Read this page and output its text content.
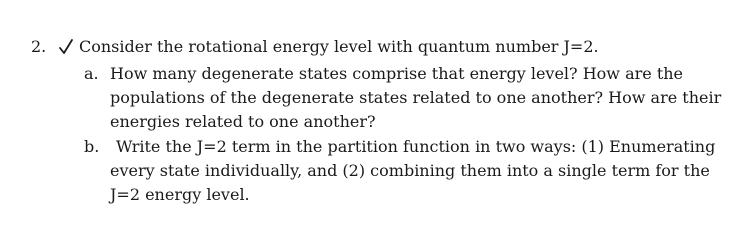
2. Consider the rotational energy level with quantum number J=2.
a. How many degenerate states comprise that energy level? How are the
populations of the degenerate states related to one another? How are their
energies related to one another?
b. Write the J=2 term in the partition function in two ways: (1) Enumerating
every state individually, and (2) combining them into a single term for the
J=2 energy level.
